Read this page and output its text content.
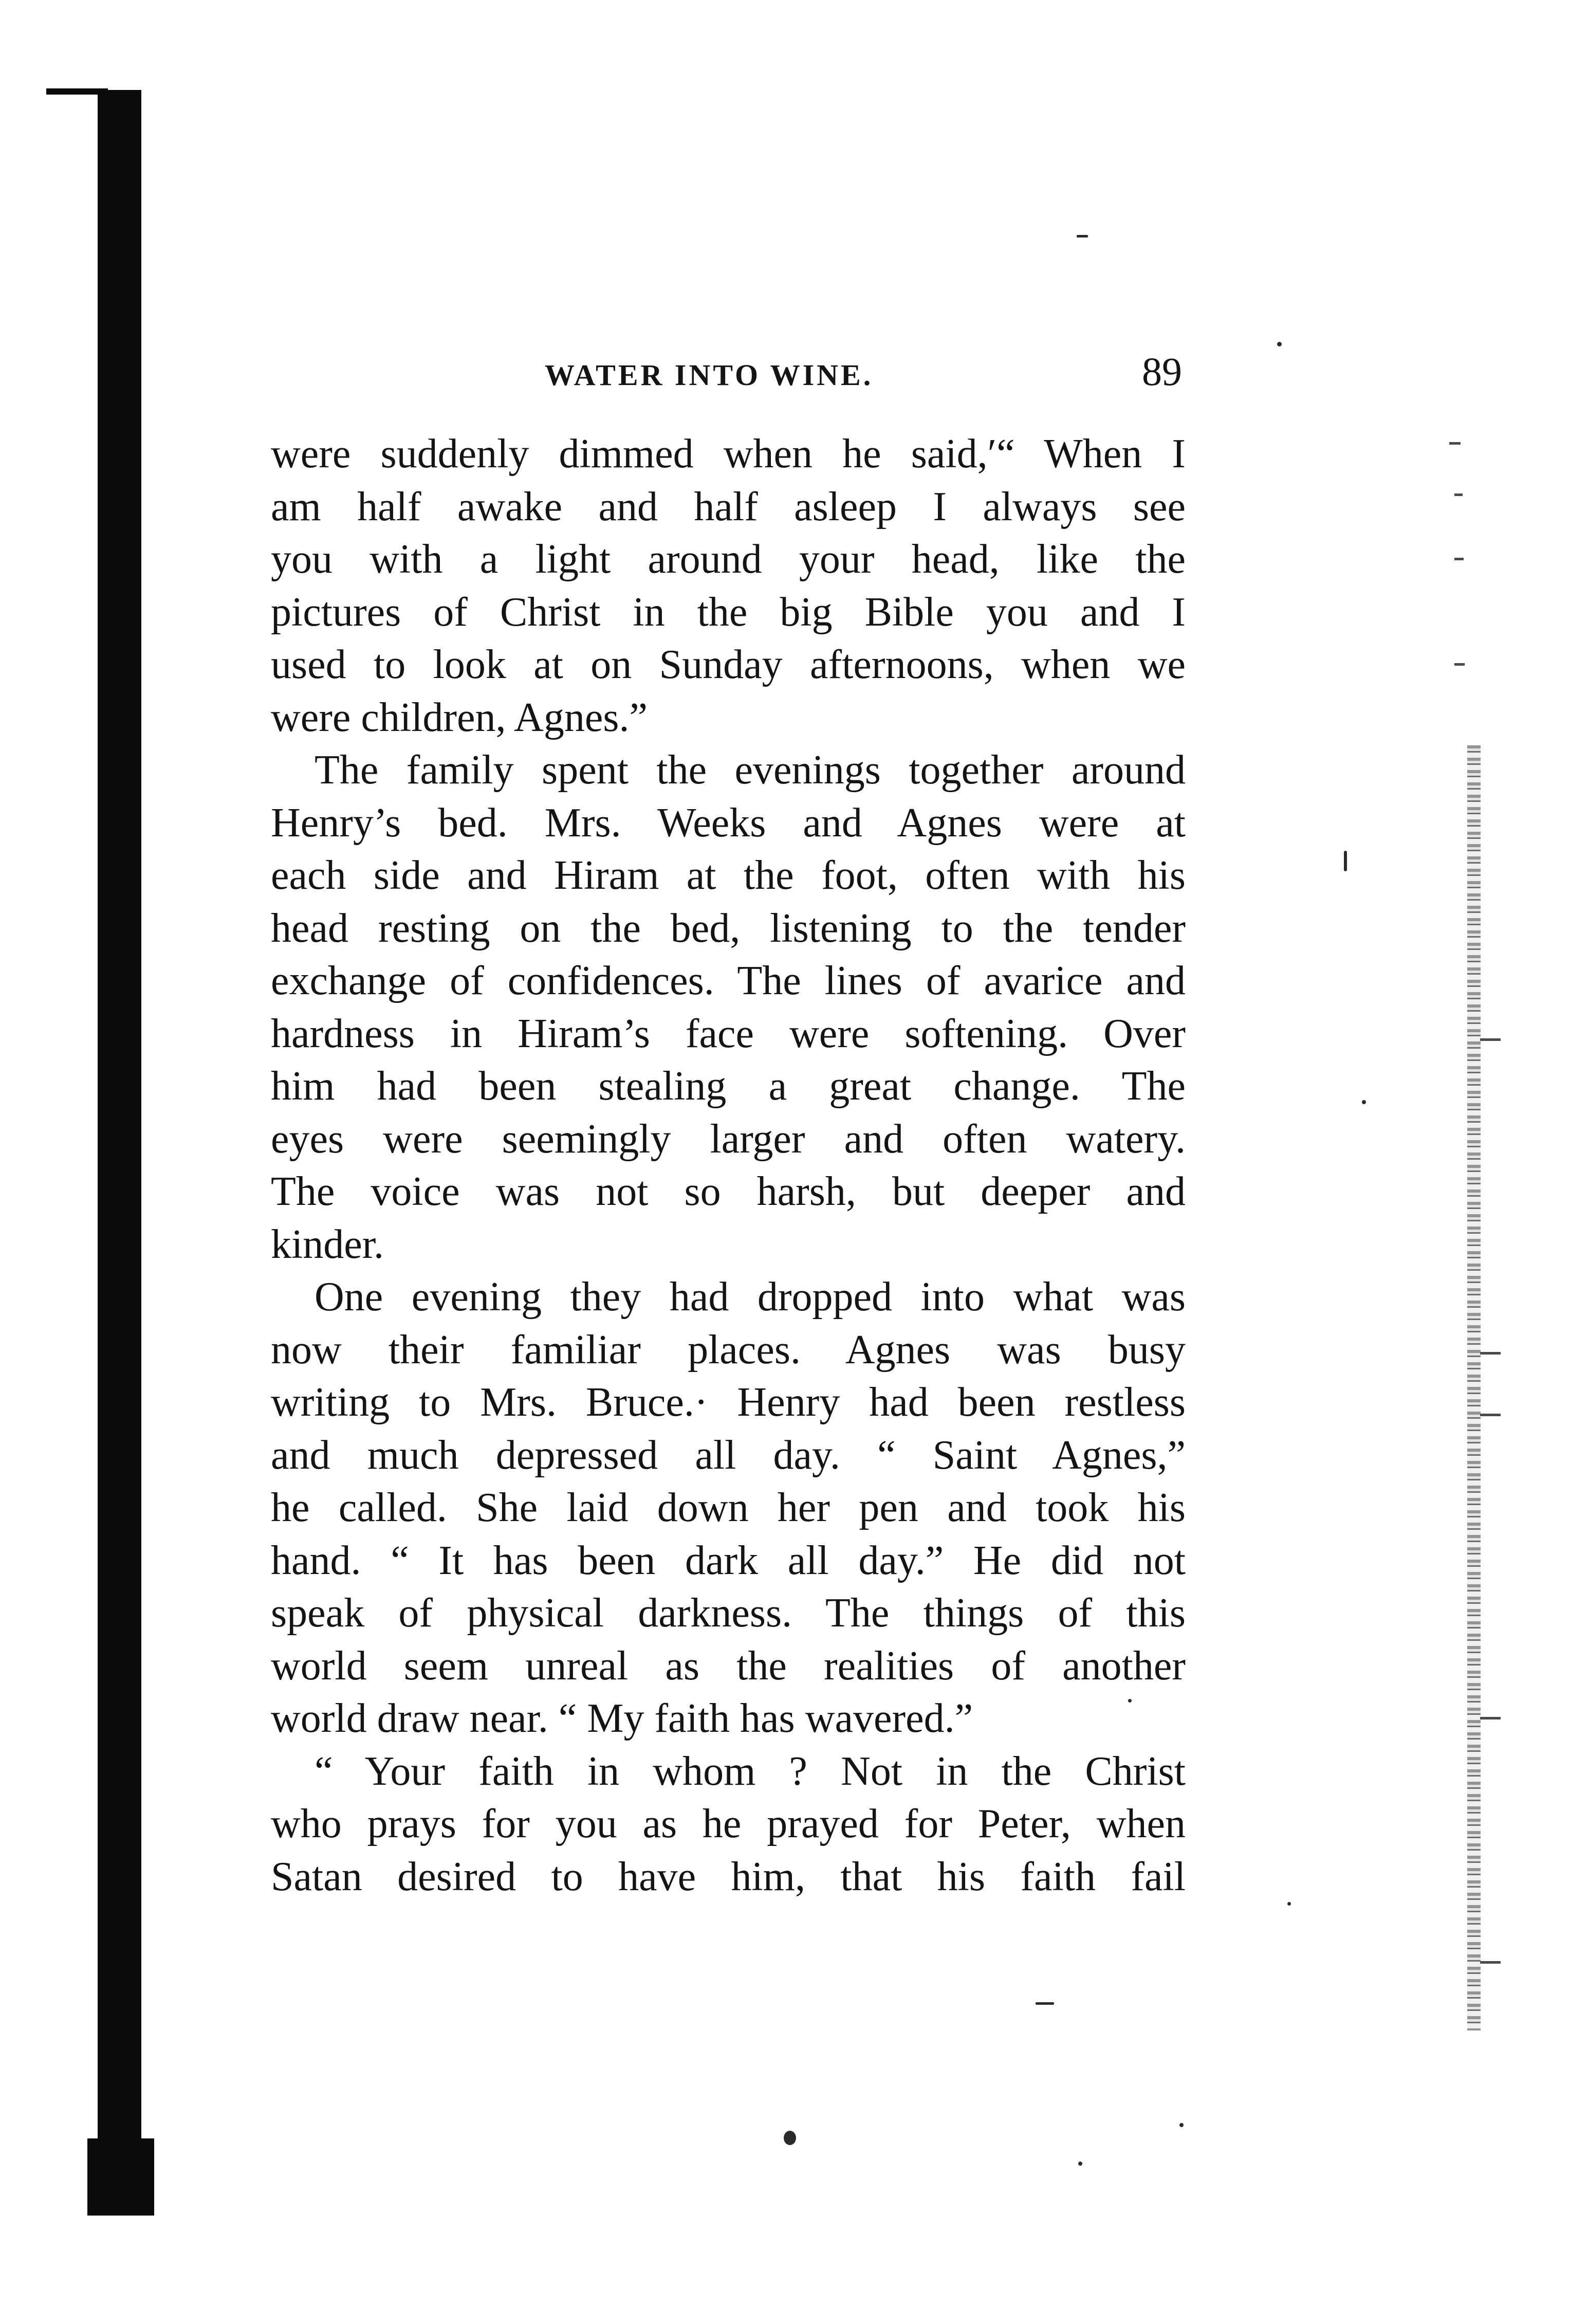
WATER INTO WINE.	89
were suddenly dimmed when he said,′“ When I
am half awake and half asleep I always see
you with a light around your head, like the
pictures of Christ in the big Bible you and I
used to look at on Sunday afternoons, when we
were children, Agnes.”
The family spent the evenings together around
Henry’s bed. Mrs. Weeks and Agnes were at
each side and Hiram at the foot, often with his
head resting on the bed, listening to the tender
exchange of confidences. The lines of avarice and
hardness in Hiram’s face were softening. Over
him had been stealing a great change. The
eyes were seemingly larger and often watery.
The voice was not so harsh, but deeper and
kinder.
One evening they had dropped into what was
now their familiar places. Agnes was busy
writing to Mrs. Bruce.· Henry had been restless
and much depressed all day. “ Saint Agnes,”
he called. She laid down her pen and took his
hand. “ It has been dark all day.” He did not
speak of physical darkness. The things of this
world seem unreal as the realities of another
world draw near. “ My faith has wavered.”
“ Your faith in whom ? Not in the Christ
who prays for you as he prayed for Peter, when
Satan desired to have him, that his faith fail
